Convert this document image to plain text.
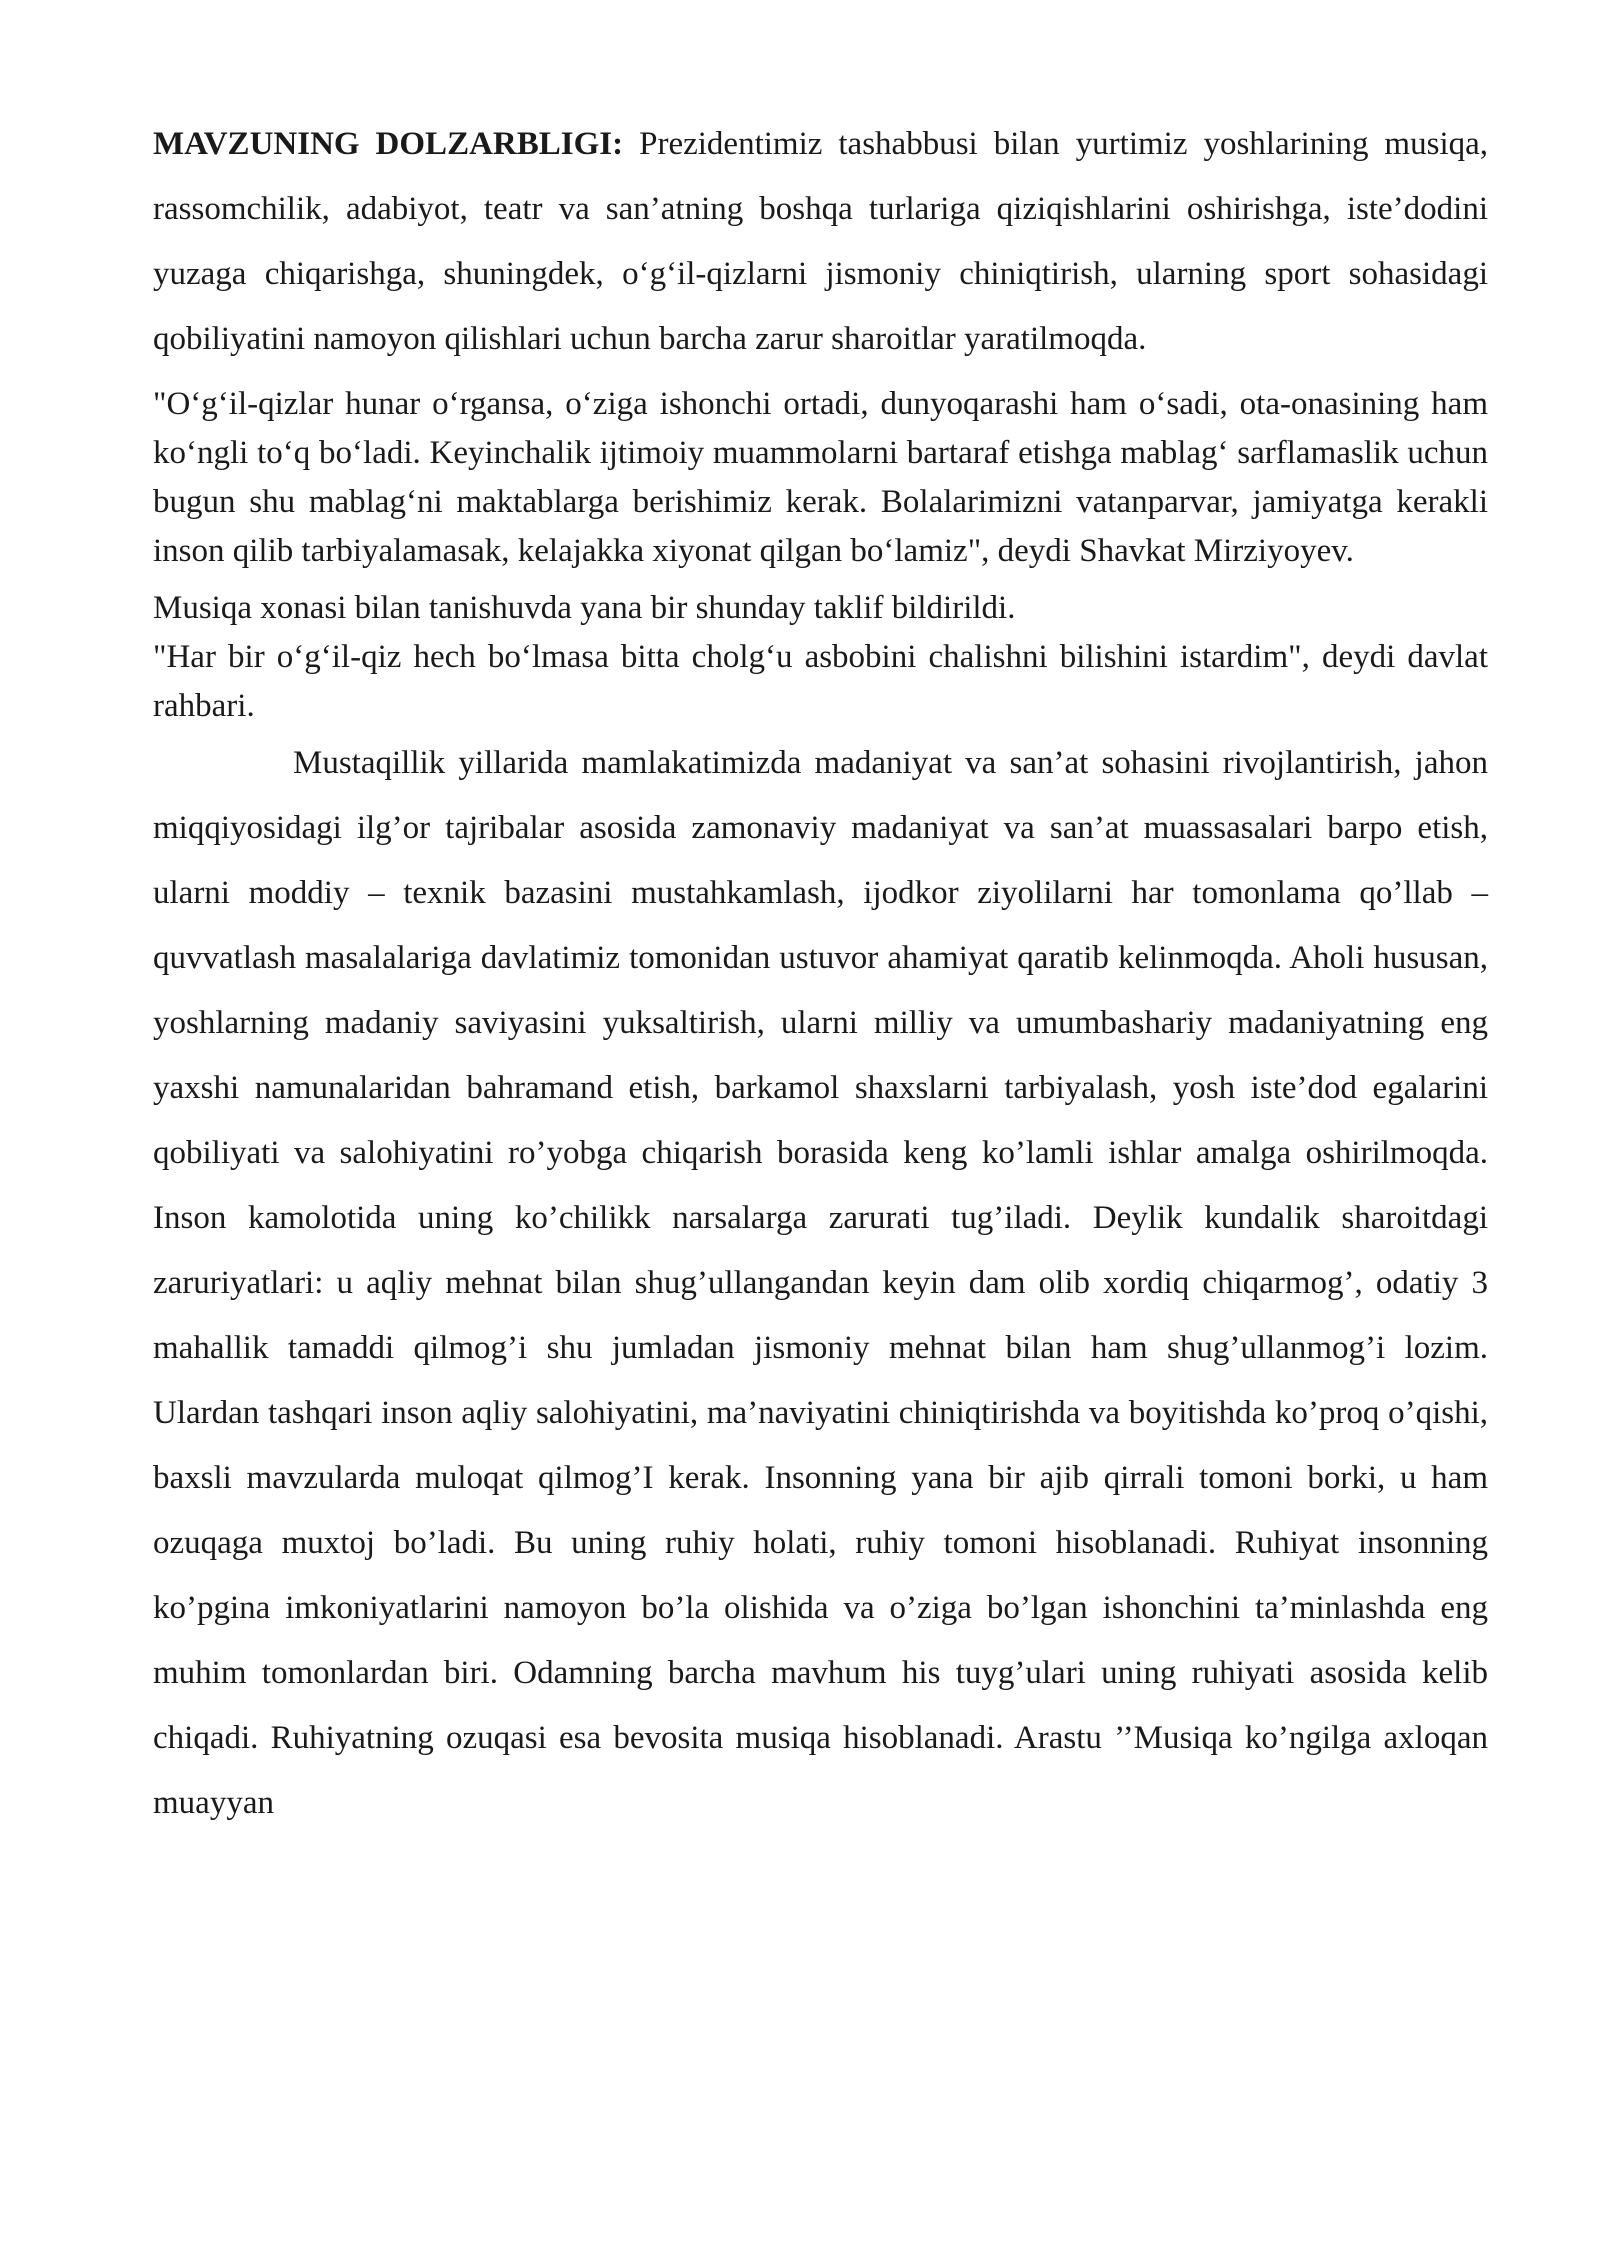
MAVZUNING DOLZARBLIGI: Prezidentimiz tashabbusi bilan yurtimiz yoshlarining musiqa, rassomchilik, adabiyot, teatr va san’atning boshqa turlariga qiziqishlarini oshirishga, iste’dodini yuzaga chiqarishga, shuningdek, o‘g‘il-qizlarni jismoniy chiniqtirish, ularning sport sohasidagi qobiliyatini namoyon qilishlari uchun barcha zarur sharoitlar yaratilmoqda.

"O‘g‘il-qizlar hunar o‘rgansa, o‘ziga ishonchi ortadi, dunyoqarashi ham o‘sadi, ota-onasining ham ko‘ngli to‘q bo‘ladi. Keyinchalik ijtimoiy muammolarni bartaraf etishga mablag‘ sarflamaslik uchun bugun shu mablag‘ni maktablarga berishimiz kerak. Bolalarimizni vatanparvar, jamiyatga kerakli inson qilib tarbiyalamasak, kelajakka xiyonat qilgan bo‘lamiz", deydi Shavkat Mirziyoyev.

Musiqa xonasi bilan tanishuvda yana bir shunday taklif bildirildi.

"Har bir o‘g‘il-qiz hech bo‘lmasa bitta cholg‘u asbobini chalishni bilishini istardim", deydi davlat rahbari.

Mustaqillik yillarida mamlakatimizda madaniyat va san’at sohasini rivojlantirish, jahon miqqiyosidagi ilg’or tajribalar asosida zamonaviy madaniyat va san’at muassasalari barpo etish, ularni moddiy – texnik bazasini mustahkamlash, ijodkor ziyolilarni har tomonlama qo’llab – quvvatlash masalalariga davlatimiz tomonidan ustuvor ahamiyat qaratib kelinmoqda. Aholi hususan, yoshlarning madaniy saviyasini yuksaltirish, ularni milliy va umumbashariy madaniyatning eng yaxshi namunalaridan bahramand etish, barkamol shaxslarni tarbiyalash, yosh iste’dod egalarini qobiliyati va salohiyatini ro’yobga chiqarish borasida keng ko’lamli ishlar amalga oshirilmoqda. Inson kamolotida uning ko’chilikk narsalarga zarurati tug’iladi. Deylik kundalik sharoitdagi zaruriyatlari: u aqliy mehnat bilan shug’ullangandan keyin dam olib xordiq chiqarmog’, odatiy 3 mahallik tamaddi qilmog’i shu jumladan jismoniy mehnat bilan ham shug’ullanmog’i lozim. Ulardan tashqari inson aqliy salohiyatini, ma’naviyatini chiniqtirishda va boyitishda ko’proq o’qishi, baxsli mavzularda muloqat qilmog’I kerak. Insonning yana bir ajib qirrali tomoni borki, u ham ozuqaga muxtoj bo’ladi. Bu uning ruhiy holati, ruhiy tomoni hisoblanadi. Ruhiyat insonning ko’pgina imkoniyatlarini namoyon bo’la olishida va o’ziga bo’lgan ishonchini ta’minlashda eng muhim tomonlardan biri. Odamning barcha mavhum his tuyg’ulari uning ruhiyati asosida kelib chiqadi. Ruhiyatning ozuqasi esa bevosita musiqa hisoblanadi. Arastu ’’Musiqa ko’ngilga axloqan muayyan
